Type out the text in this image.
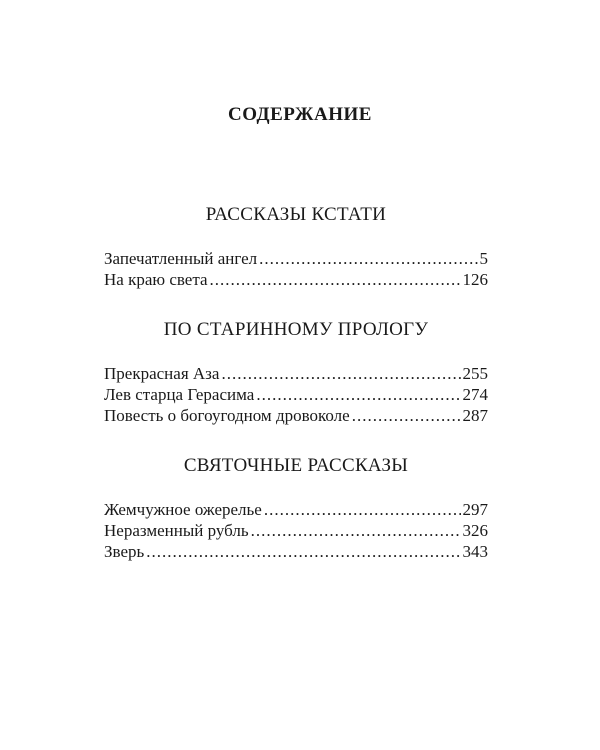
СОДЕРЖАНИЕ
РАССКАЗЫ КСТАТИ
Запечатленный ангел .....	5
На краю света .....	126
ПО СТАРИННОМУ ПРОЛОГУ
Прекрасная Аза .....	255
Лев старца Герасима .....	274
Повесть о богоугодном дровоколе .....	287
СВЯТОЧНЫЕ РАССКАЗЫ
Жемчужное ожерелье .....	297
Неразменный рубль .....	326
Зверь .....	343
